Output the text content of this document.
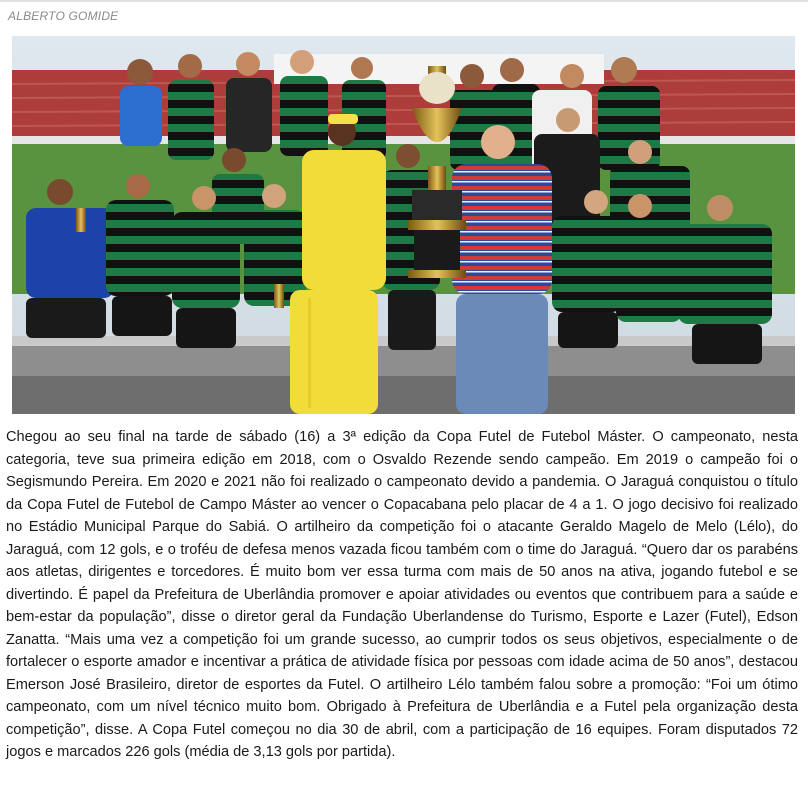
ALBERTO GOMIDE

Chegou ao seu final na tarde de sábado (16) a 3ª edição da Copa Futel de Futebol Máster. O campeonato, nesta categoria, teve sua primeira edição em 2018, com o Osvaldo Rezende sendo campeão. Em 2019 o campeão foi o Segismundo Pereira. Em 2020 e 2021 não foi realizado o campeonato devido a pandemia. O Jaraguá conquistou o título da Copa Futel de Futebol de Campo Máster ao vencer o Copacabana pelo placar de 4 a 1. O jogo decisivo foi realizado no Estádio Municipal Parque do Sabiá. O artilheiro da competição foi o atacante Geraldo Magelo de Melo (Lélo), do Jaraguá, com 12 gols, e o troféu de defesa menos vazada ficou também com o time do Jaraguá. “Quero dar os parabéns aos atletas, dirigentes e torcedores. É muito bom ver essa turma com mais de 50 anos na ativa, jogando futebol e se divertindo. É papel da Prefeitura de Uberlândia promover e apoiar atividades ou eventos que contribuem para a saúde e bem-estar da população”, disse o diretor geral da Fundação Uberlandense do Turismo, Esporte e Lazer (Futel), Edson Zanatta. “Mais uma vez a competição foi um grande sucesso, ao cumprir todos os seus objetivos, especialmente o de fortalecer o esporte amador e incentivar a prática de atividade física por pessoas com idade acima de 50 anos”, destacou Emerson José Brasileiro, diretor de esportes da Futel. O artilheiro Lélo também falou sobre a promoção: “Foi um ótimo campeonato, com um nível técnico muito bom. Obrigado à Prefeitura de Uberlândia e a Futel pela organização desta competição”, disse. A Copa Futel começou no dia 30 de abril, com a participação de 16 equipes. Foram disputados 72 jogos e marcados 226 gols (média de 3,13 gols por partida).
